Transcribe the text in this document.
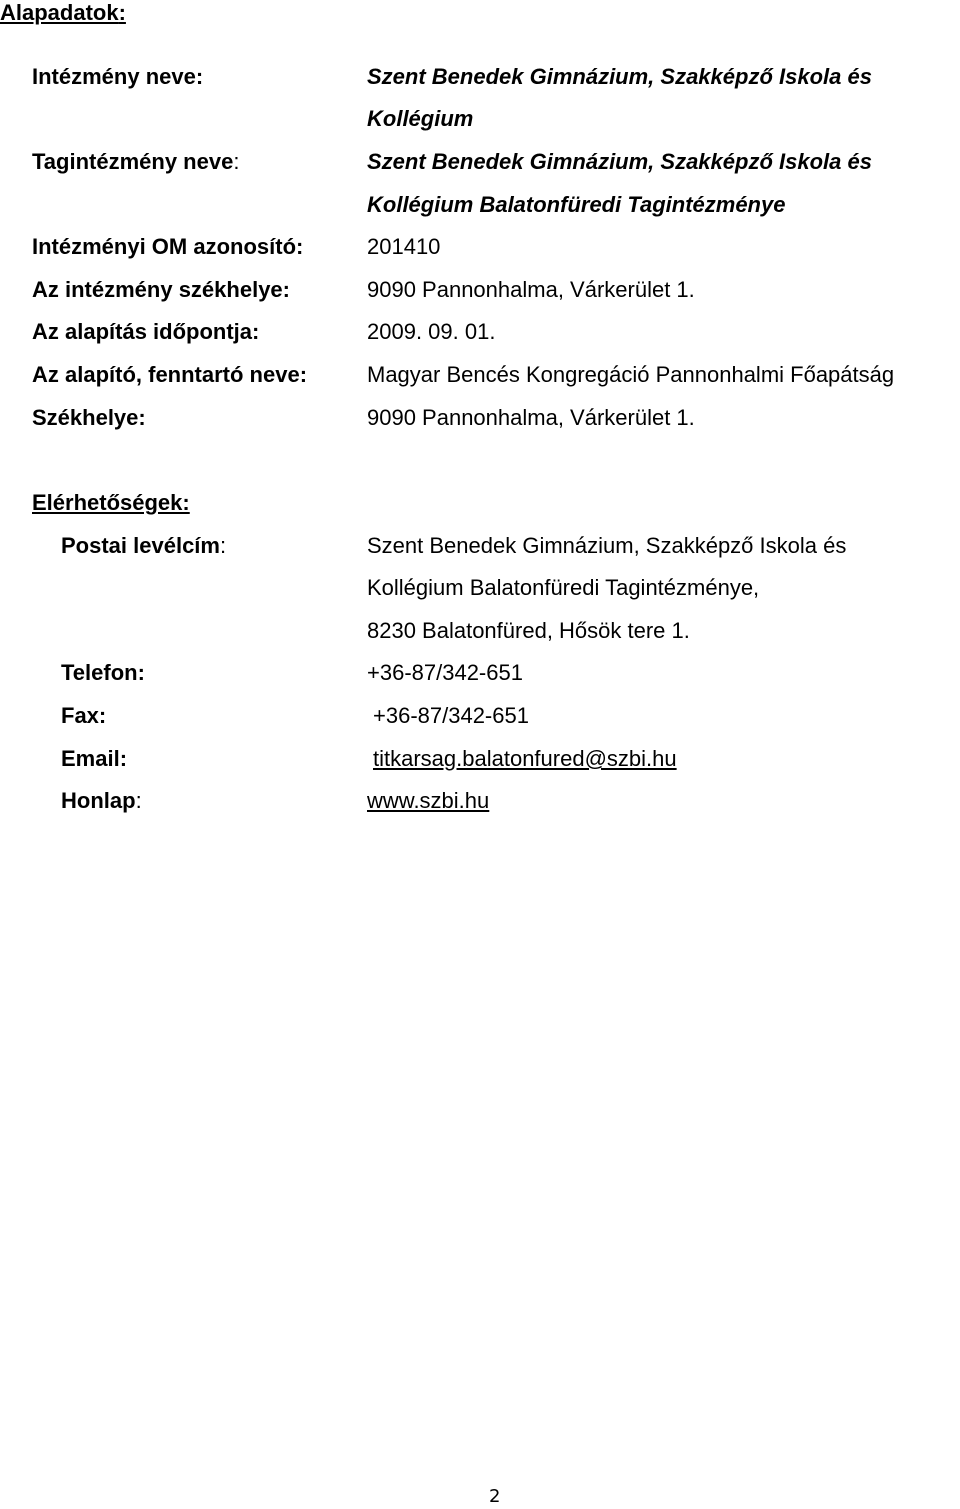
Alapadatok:
Intézmény neve:	Szent Benedek Gimnázium, Szakképző Iskola és
Kollégium
Tagintézmény neve:	Szent Benedek Gimnázium, Szakképző Iskola és
Kollégium Balatonfüredi Tagintézménye
Intézményi OM azonosító:	201410
Az intézmény székhelye:	9090 Pannonhalma, Várkerület 1.
Az alapítás időpontja:	2009. 09. 01.
Az alapító, fenntartó neve:	Magyar Bencés Kongregáció Pannonhalmi Főapátság
Székhelye:	9090 Pannonhalma, Várkerület 1.
Elérhetőségek:
Postai levélcím:	Szent Benedek Gimnázium, Szakképző Iskola és
Kollégium Balatonfüredi Tagintézménye,
8230 Balatonfüred, Hősök tere 1.
Telefon:	+36-87/342-651
Fax:	+36-87/342-651
Email:	titkarsag.balatonfured@szbi.hu
Honlap:	www.szbi.hu
2
